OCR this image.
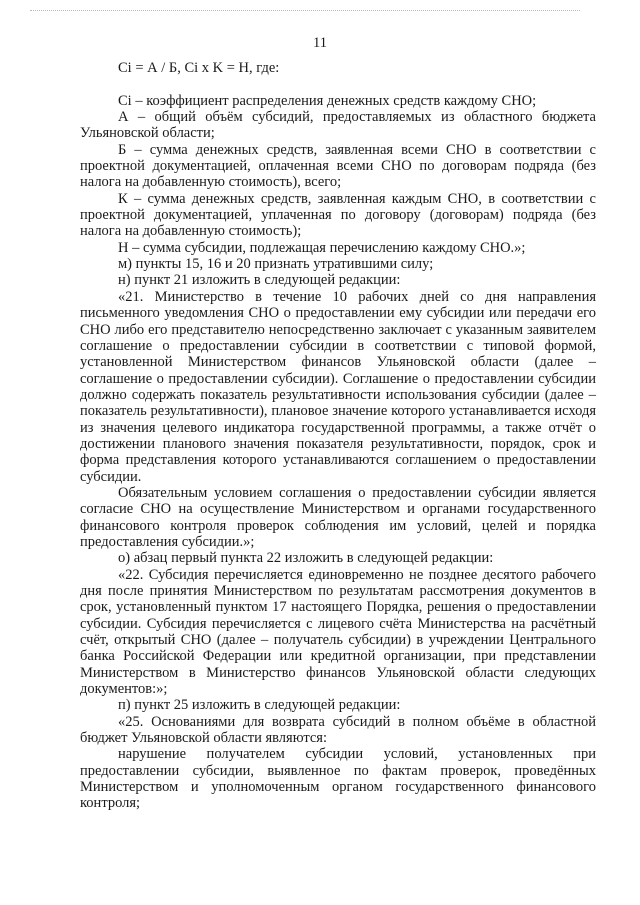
11

Ci = А / Б, Ci x K = Н, где:

Ci – коэффициент распределения денежных средств каждому СНО;

А – общий объём субсидий, предоставляемых из областного бюджета Ульяновской области;

Б – сумма денежных средств, заявленная всеми СНО в соответствии с проектной документацией, оплаченная всеми СНО по договорам подряда (без налога на добавленную стоимость), всего;

К – сумма денежных средств, заявленная каждым СНО, в соответствии с проектной документацией, уплаченная по договору (договорам) подряда (без налога на добавленную стоимость);

Н – сумма субсидии, подлежащая перечислению каждому СНО.»;

м) пункты 15, 16 и 20 признать утратившими силу;

н) пункт 21 изложить в следующей редакции:

«21. Министерство в течение 10 рабочих дней со дня направления письменного уведомления СНО о предоставлении ему субсидии или передачи его СНО либо его представителю непосредственно заключает с указанным заявителем соглашение о предоставлении субсидии в соответствии с типовой формой, установленной Министерством финансов Ульяновской области (далее – соглашение о предоставлении субсидии). Соглашение о предоставлении субсидии должно содержать показатель результативности использования субсидии (далее – показатель результативности), плановое значение которого устанавливается исходя из значения целевого индикатора государственной программы, а также отчёт о достижении планового значения показателя результативности, порядок, срок и форма представления которого устанавливаются соглашением о предоставлении субсидии.

Обязательным условием соглашения о предоставлении субсидии является согласие СНО на осуществление Министерством и органами государственного финансового контроля проверок соблюдения им условий, целей и порядка предоставления субсидии.»;

о) абзац первый пункта 22 изложить в следующей редакции:

«22. Субсидия перечисляется единовременно не позднее десятого рабочего дня после принятия Министерством по результатам рассмотрения документов в срок, установленный пунктом 17 настоящего Порядка, решения о предоставлении субсидии. Субсидия перечисляется с лицевого счёта Министерства на расчётный счёт, открытый СНО (далее – получатель субсидии) в учреждении Центрального банка Российской Федерации или кредитной организации, при представлении Министерством в Министерство финансов Ульяновской области следующих документов:»;

п) пункт 25 изложить в следующей редакции:

«25. Основаниями для возврата субсидий в полном объёме в областной бюджет Ульяновской области являются:

нарушение получателем субсидии условий, установленных при предоставлении субсидии, выявленное по фактам проверок, проведённых Министерством и уполномоченным органом государственного финансового контроля;
